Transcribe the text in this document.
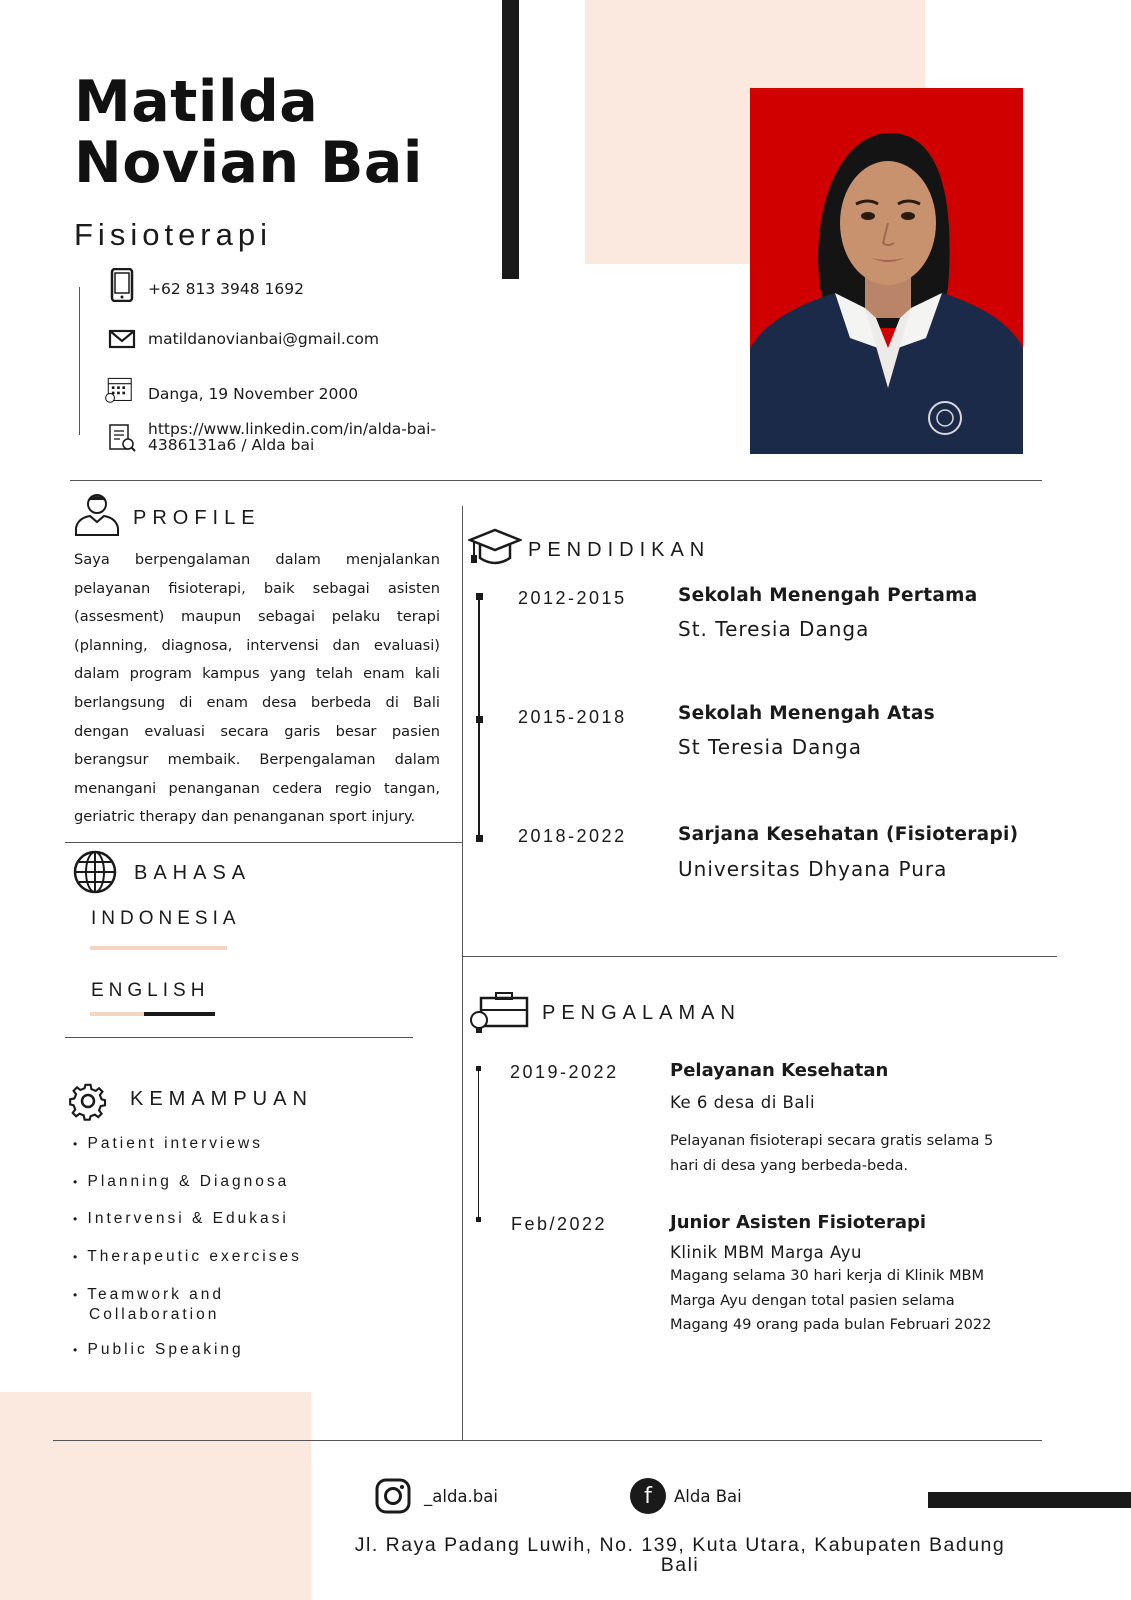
Matilda
Novian Bai
Fisioterapi
+62 813 3948 1692
matildanovianbai@gmail.com
Danga, 19 November 2000
https://www.linkedin.com/in/alda-bai-
4386131a6 / Alda bai
PROFILE
Saya berpengalaman dalam menjalankan pelayanan fisioterapi, baik sebagai asisten (assesment) maupun sebagai pelaku terapi (planning, diagnosa, intervensi dan evaluasi) dalam program kampus yang telah enam kali berlangsung di enam desa berbeda di Bali dengan evaluasi secara garis besar pasien berangsur membaik. Berpengalaman dalam menangani penanganan cedera regio tangan, geriatric therapy dan penanganan sport injury.
BAHASA
INDONESIA
ENGLISH
KEMAMPUAN
• Patient interviews
• Planning & Diagnosa
• Intervensi & Edukasi
• Therapeutic exercises
• Teamwork and
Collaboration
• Public Speaking
PENDIDIKAN
2012-2015	Sekolah Menengah Pertama
St. Teresia Danga
2015-2018	Sekolah Menengah Atas
St Teresia Danga
2018-2022	Sarjana Kesehatan (Fisioterapi)
Universitas Dhyana Pura
PENGALAMAN
2019-2022	Pelayanan Kesehatan
Ke 6 desa di Bali
Pelayanan fisioterapi secara gratis selama 5
hari di desa yang berbeda-beda.
Feb/2022	Junior Asisten Fisioterapi
Klinik MBM Marga Ayu
Magang selama 30 hari kerja di Klinik MBM
Marga Ayu dengan total pasien selama
Magang 49 orang pada bulan Februari 2022
_alda.bai	f	Alda Bai
Jl. Raya Padang Luwih, No. 139, Kuta Utara, Kabupaten Badung
Bali
